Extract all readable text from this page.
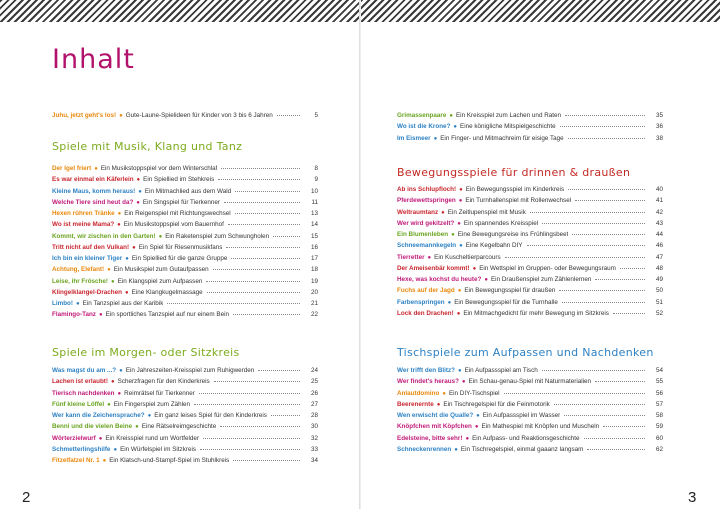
Inhalt
Juhu, jetzt geht's los! ● Gute-Laune-Spielideen für Kinder von 3 bis 6 Jahren	5
Spiele mit Musik, Klang und Tanz
Der Igel friert ● Ein Musikstoppspiel vor dem Winterschlaf	8
Es war einmal ein Käferlein ● Ein Spiellied im Stehkreis	9
Kleine Maus, komm heraus! ● Ein Mitmachlied aus dem Wald	10
Welche Tiere sind heut da? ● Ein Singspiel für Tierkenner	11
Hexen rühren Tränke ● Ein Reigenspiel mit Richtungswechsel	13
Wo ist meine Mama? ● Ein Musikstoppspiel vom Bauernhof	14
Kommt, wir zischen in den Garten! ● Ein Raketenspiel zum Schwungholen	15
Tritt nicht auf den Vulkan! ● Ein Spiel für Riesenmusikfans	16
Ich bin ein kleiner Tiger ● Ein Spiellied für die ganze Gruppe	17
Achtung, Elefant! ● Ein Musikspiel zum Gutaufpassen	18
Leise, ihr Frösche! ● Ein Klangspiel zum Aufpassen	19
Klingelklangel-Drachen ● Eine Klangkugelmassage	20
Limbo! ● Ein Tanzspiel aus der Karibik	21
Flamingo-Tanz ● Ein sportliches Tanzspiel auf nur einem Bein	22
Spiele im Morgen- oder Sitzkreis
Was magst du am ...? ● Ein Jahreszeiten-Kreisspiel zum Ruhigwerden	24
Lachen ist erlaubt! ● Scherzfragen für den Kinderkreis	25
Tierisch nachdenken ● Reimrätsel für Tierkenner	26
Fünf kleine Löffel ● Ein Fingerspiel zum Zählen	27
Wer kann die Zeichensprache? ● Ein ganz leises Spiel für den Kinderkreis	28
Benni und die vielen Beine ● Eine Rätselreimgeschichte	30
Wörterzielwurf ● Ein Kreisspiel rund um Wortfelder	32
Schmetterlingshilfe ● Ein Würfelspiel im Sitzkreis	33
Fitzelfatzel Nr. 1 ● Ein Klatsch-und-Stampf-Spiel im Stuhlkreis	34
2
Grimassenpaare ● Ein Kreisspiel zum Lachen und Raten	35
Wo ist die Krone? ● Eine königliche Mitspielgeschichte	36
Im Eismeer ● Ein Finger- und Mitmachreim für eisige Tage	38
Bewegungsspiele für drinnen & draußen
Ab ins Schlupfloch! ● Ein Bewegungsspiel im Kinderkreis	40
Pferdewettspringen ● Ein Turnhallenspiel mit Rollenwechsel	41
Weltraumtanz ● Ein Zeitlupenspiel mit Musik	42
Wer wird gekitzelt? ● Ein spannendes Kreisspiel	43
Ein Blumenleben ● Eine Bewegungsreise ins Frühlingsbeet	44
Schneemannkegeln ● Eine Kegelbahn DIY	46
Tierretter ● Ein Kuscheltierparcours	47
Der Ameisenbär kommt! ● Ein Wettspiel im Gruppen- oder Bewegungsraum	48
Hexe, was kochst du heute? ● Ein Draußenspiel zum Zählenlernen	49
Fuchs auf der Jagd ● Ein Bewegungsspiel für draußen	50
Farbenspringen ● Ein Bewegungsspiel für die Turnhalle	51
Lock den Drachen! ● Ein Mitmachgedicht für mehr Bewegung im Sitzkreis	52
Tischspiele zum Aufpassen und Nachdenken
Wer trifft den Blitz? ● Ein Aufpassspiel am Tisch	54
Wer findet's heraus? ● Ein Schau-genau-Spiel mit Naturmaterialien	55
Anlautdomino ● Ein DIY-Tischspiel	56
Beerenernte ● Ein Tischregelspiel für die Feinmotorik	57
Wen erwischt die Qualle? ● Ein Aufpassspiel im Wasser	58
Knöpfchen mit Köpfchen ● Ein Mathespiel mit Knöpfen und Muscheln	59
Edelsteine, bitte sehr! ● Ein Aufpass- und Reaktionsgeschichte	60
Schneckenrennen ● Ein Tischregelspiel, einmal gaaanz langsam	62
3
